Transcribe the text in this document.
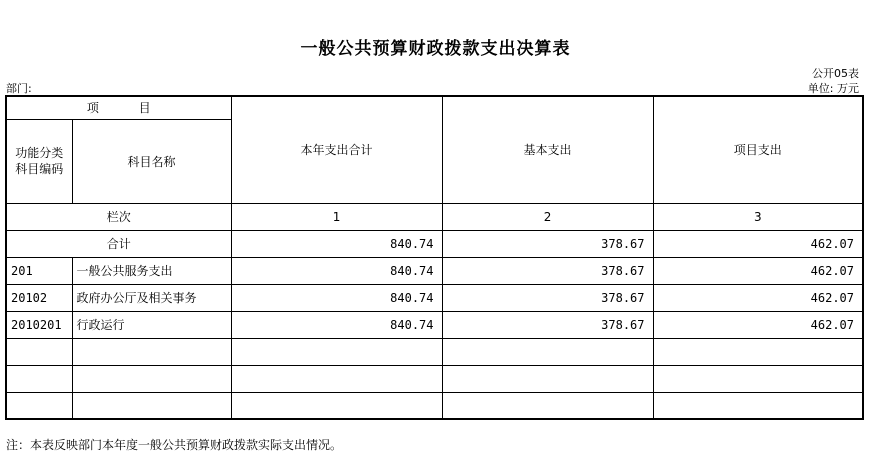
一般公共预算财政拨款支出决算表
公开05表
部门:	单位: 万元
项 目		本年支出合计	基本支出	项目支出
功能分类科目编码	科目名称			
栏次		1	2	3
合计		840.74	378.67	462.07
201	一般公共服务支出	840.74	378.67	462.07
20102	政府办公厅及相关事务	840.74	378.67	462.07
2010201	行政运行	840.74	378.67	462.07

注：本表反映部门本年度一般公共预算财政拨款实际支出情况。
